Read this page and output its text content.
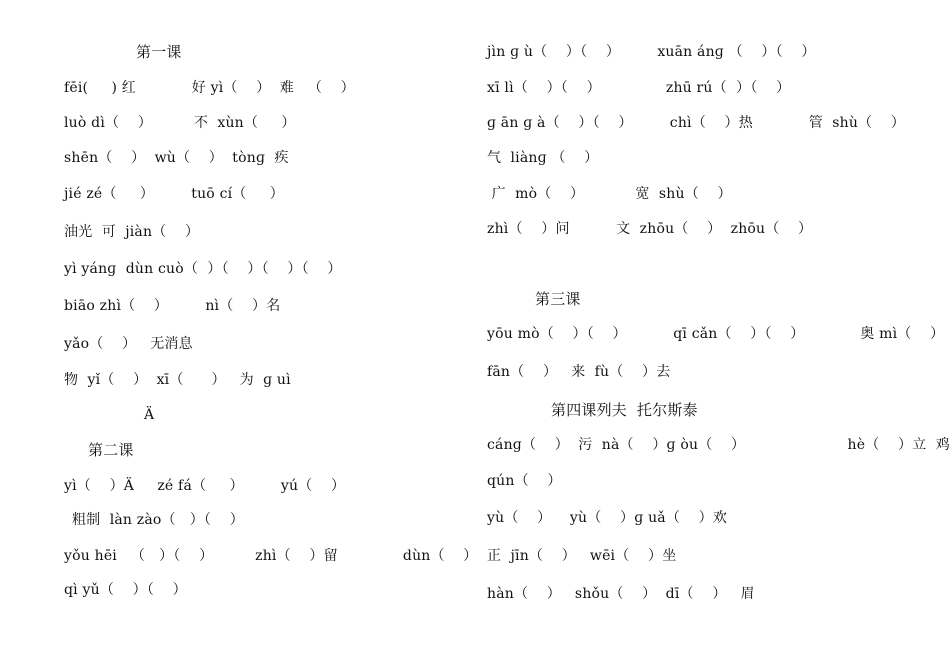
第一课
fēi(     ) 红            好 yì（    ）  难   （    ）
luò dì（    ）         不  xùn（     ）
shēn（    ）  wù（    ）  tònɡ  疾
jié zé（     ）        tuō cí（     ）
油光  可  jiàn（    ）
yì yánɡ  dùn cuò（  ）（    ）（    ）（    ）
biāo zhì（    ）        nì（    ）名
yǎo（    ）   无消息
物  yǐ（    ）  xī（      ）   为  ɡ uì
Ä
第二课
yì（    ）Ä     zé fá（     ）        yú（    ）
粗制  làn zào（   ）（    ）
yǒu hēi   （   ）（    ）         zhì（    ）留              dùn（    ）
qì yǔ（    ）（    ）
jìn ɡ ù（    ）（    ）        xuān ánɡ （    ）（    ）
xī lì（    ）（    ）              zhū rú（  ）（    ）
ɡ ān ɡ à（    ）（    ）        chì（    ）热            管  shù（    ）
气  liànɡ （    ）
广  mò（    ）           宽  shù（    ）
zhì（    ）问          文  zhōu（    ）  zhōu（    ）
第三课
yōu mò（    ）（    ）          qī cǎn（    ）（    ）            奥 mì（    ）
fān（    ）   来  fù（    ）去
第四课列夫  托尔斯泰
cánɡ（    ）  污  nà（    ）ɡ òu（    ）                      hè（    ）立  鸡
qún（    ）
yù（    ）    yù（    ）ɡ uǎ（    ）欢
正  jīn（    ）   wēi（    ）坐
hàn（    ）   shǒu（    ）  dī（    ）   眉
